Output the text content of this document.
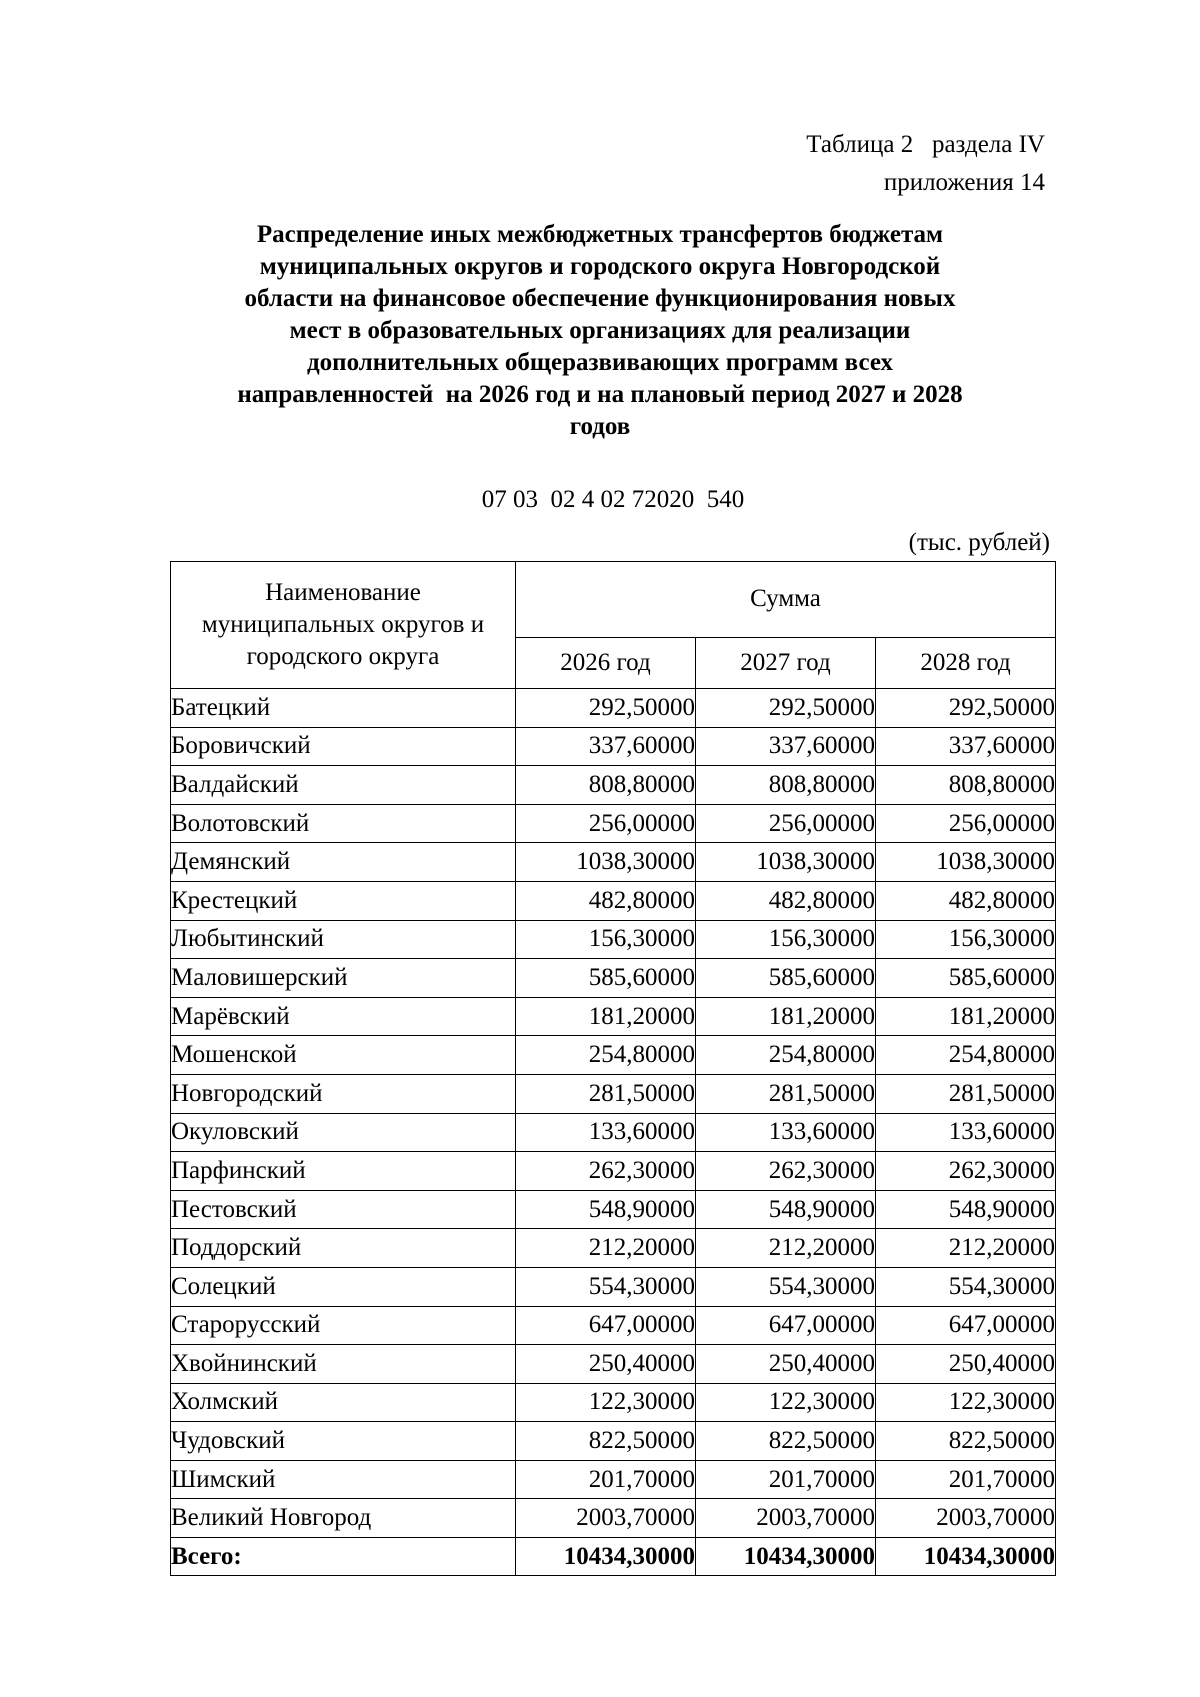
Таблица 2   раздела IV
приложения 14
Распределение иных межбюджетных трансфертов бюджетам
муниципальных округов и городского округа Новгородской
области на финансовое обеспечение функционирования новых
мест в образовательных организациях для реализации
дополнительных общеразвивающих программ всех
направленностей  на 2026 год и на плановый период 2027 и 2028
годов
07 03  02 4 02 72020  540
(тыс. рублей)
Наименование
муниципальных округов и
городского округа	Сумма		
	2026 год	2027 год	2028 год
Батецкий	292,50000	292,50000	292,50000
Боровичский	337,60000	337,60000	337,60000
Валдайский	808,80000	808,80000	808,80000
Волотовский	256,00000	256,00000	256,00000
Демянский	1038,30000	1038,30000	1038,30000
Крестецкий	482,80000	482,80000	482,80000
Любытинский	156,30000	156,30000	156,30000
Маловишерский	585,60000	585,60000	585,60000
Марёвский	181,20000	181,20000	181,20000
Мошенской	254,80000	254,80000	254,80000
Новгородский	281,50000	281,50000	281,50000
Окуловский	133,60000	133,60000	133,60000
Парфинский	262,30000	262,30000	262,30000
Пестовский	548,90000	548,90000	548,90000
Поддорский	212,20000	212,20000	212,20000
Солецкий	554,30000	554,30000	554,30000
Старорусский	647,00000	647,00000	647,00000
Хвойнинский	250,40000	250,40000	250,40000
Холмский	122,30000	122,30000	122,30000
Чудовский	822,50000	822,50000	822,50000
Шимский	201,70000	201,70000	201,70000
Великий Новгород	2003,70000	2003,70000	2003,70000
Всего:	10434,30000	10434,30000	10434,30000
